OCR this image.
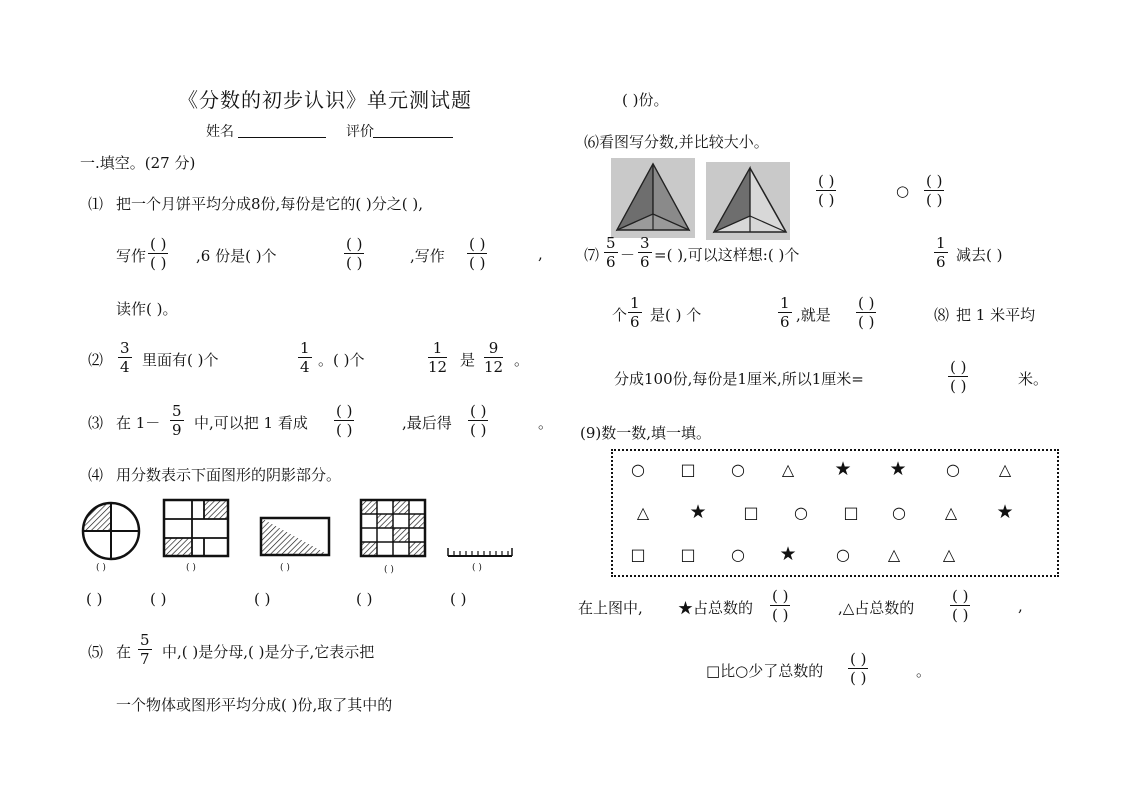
《分数的初步认识》单元测试题
姓名	评价
一.填空。(27 分)
⑴ 把一个月饼平均分成8份,每份是它的( )分之( ),
写作
( )
( ) ,6 份是( )个
( )
( )	,写作
( )
( )	,
读作( )。
⑵ $\frac{3}{4}$ 里面有( )个	$\frac{1}{4}$ 。( )个	$\frac{1}{12}$ 是 $\frac{9}{12}$ 。
⑶ 在 $1- \frac{5}{9}$ 中,可以把 1 看成
( )
( )	,最后得
( )
( )	。
⑷ 用分数表示下面图形的阴影部分。
( )	( )	( )	( )	( )
( )	( )	( )	( )	( )
⑸ 在 $\frac{5}{7}$ 中,( )是分母,( )是分子,它表示把
一个物体或图形平均分成( )份,取了其中的
( )份。
⑹看图写分数,并比较大小。
( )
( )	○
( )
( )
⑺ $\frac{5}{6} - \frac{3}{6}$ =( ),可以这样想:( )个	$\frac{1}{6}$ 减去( )
个 $\frac{1}{6}$ 是( ) 个	$\frac{1}{6}$ ,就是
( )
( )	⑻ 把 1 米平均
分成100份,每份是1厘米,所以1厘米=
( )
( )	米。
(9)数一数,填一填。
○ □ ○ △ ★ ★ ○ △
△ ★ □ ○ □ ○ △ ★
□ □ ○ ★ ○ △	△
在上图中, ★占总数的
( )
( )	,△占总数的
( )
( )	,
□比○少了总数的
( )
( )	。
